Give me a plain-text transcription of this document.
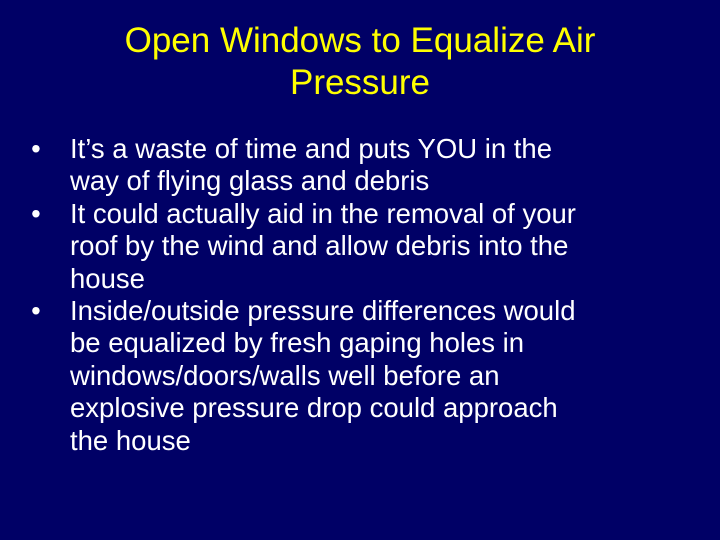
Open Windows to Equalize Air
Pressure
• It’s a waste of time and puts YOU in the
way of flying glass and debris
• It could actually aid in the removal of your
roof by the wind and allow debris into the
house
• Inside/outside pressure differences would
be equalized by fresh gaping holes in
windows/doors/walls well before an
explosive pressure drop could approach
the house
